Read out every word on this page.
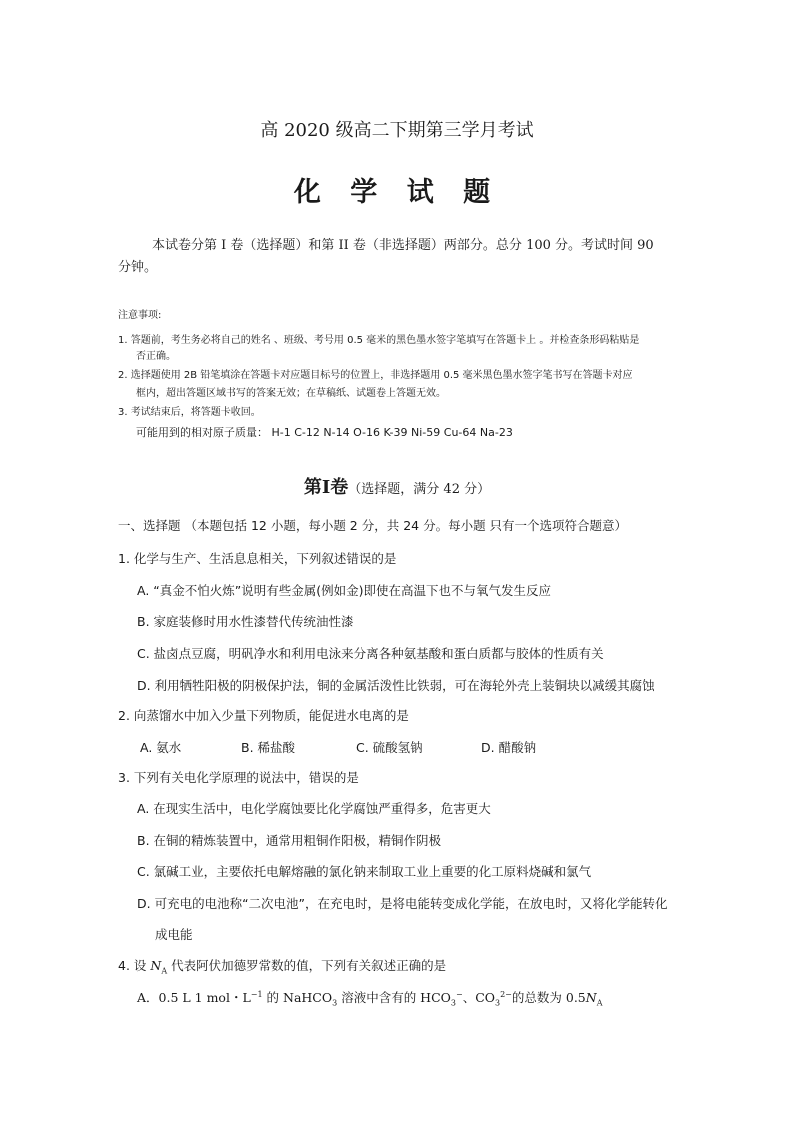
高 2020 级高二下期第三学月考试
化 学 试 题
本试卷分第 I 卷（选择题）和第 II 卷（非选择题）两部分。总分 100 分。考试时间 90
分钟。
注意事项:
1. 答题前，考生务必将自己的姓名 、班级、考号用 0.5 毫米的黑色墨水签字笔填写在答题卡上 。并检查条形码粘贴是
否正确。
2. 选择题使用 2B 铅笔填涂在答题卡对应题目标号的位置上，非选择题用 0.5 毫米黑色墨水签字笔书写在答题卡对应
框内，超出答题区域书写的答案无效；在草稿纸、试题卷上答题无效。
3. 考试结束后，将答题卡收回。
可能用到的相对原子质量： H-1 C-12 N-14 O-16 K-39 Ni-59 Cu-64 Na-23
第Ⅰ卷（选择题，满分 42 分）
一、选择题 （本题包括 12 小题，每小题 2 分，共 24 分。每小题 只有一个选项符合题意）
1. 化学与生产、生活息息相关，下列叙述错误的是
A. “真金不怕火炼”说明有些金属(例如金)即使在高温下也不与氧气发生反应
B. 家庭装修时用水性漆替代传统油性漆
C. 盐卤点豆腐，明矾净水和利用电泳来分离各种氨基酸和蛋白质都与胶体的性质有关
D. 利用牺牲阳极的阴极保护法，铜的金属活泼性比铁弱，可在海轮外壳上装铜块以减缓其腐蚀
2. 向蒸馏水中加入少量下列物质，能促进水电离的是
A. 氨水	B. 稀盐酸	C. 硫酸氢钠	D. 醋酸钠
3. 下列有关电化学原理的说法中，错误的是
A. 在现实生活中，电化学腐蚀要比化学腐蚀严重得多，危害更大
B. 在铜的精炼装置中，通常用粗铜作阳极，精铜作阴极
C. 氯碱工业，主要依托电解熔融的氯化钠来制取工业上重要的化工原料烧碱和氯气
D. 可充电的电池称“二次电池”，在充电时，是将电能转变成化学能，在放电时，又将化学能转化
成电能
4. 设 $N_A$ 代表阿伏加德罗常数的值，下列有关叙述正确的是
A．0.5 L 1 mol・$L^{-1}$ 的 NaHCO$_3$ 溶液中含有的 $HCO_3^-$、$CO_3^{2-}$的总数为 $0.5N_A$
